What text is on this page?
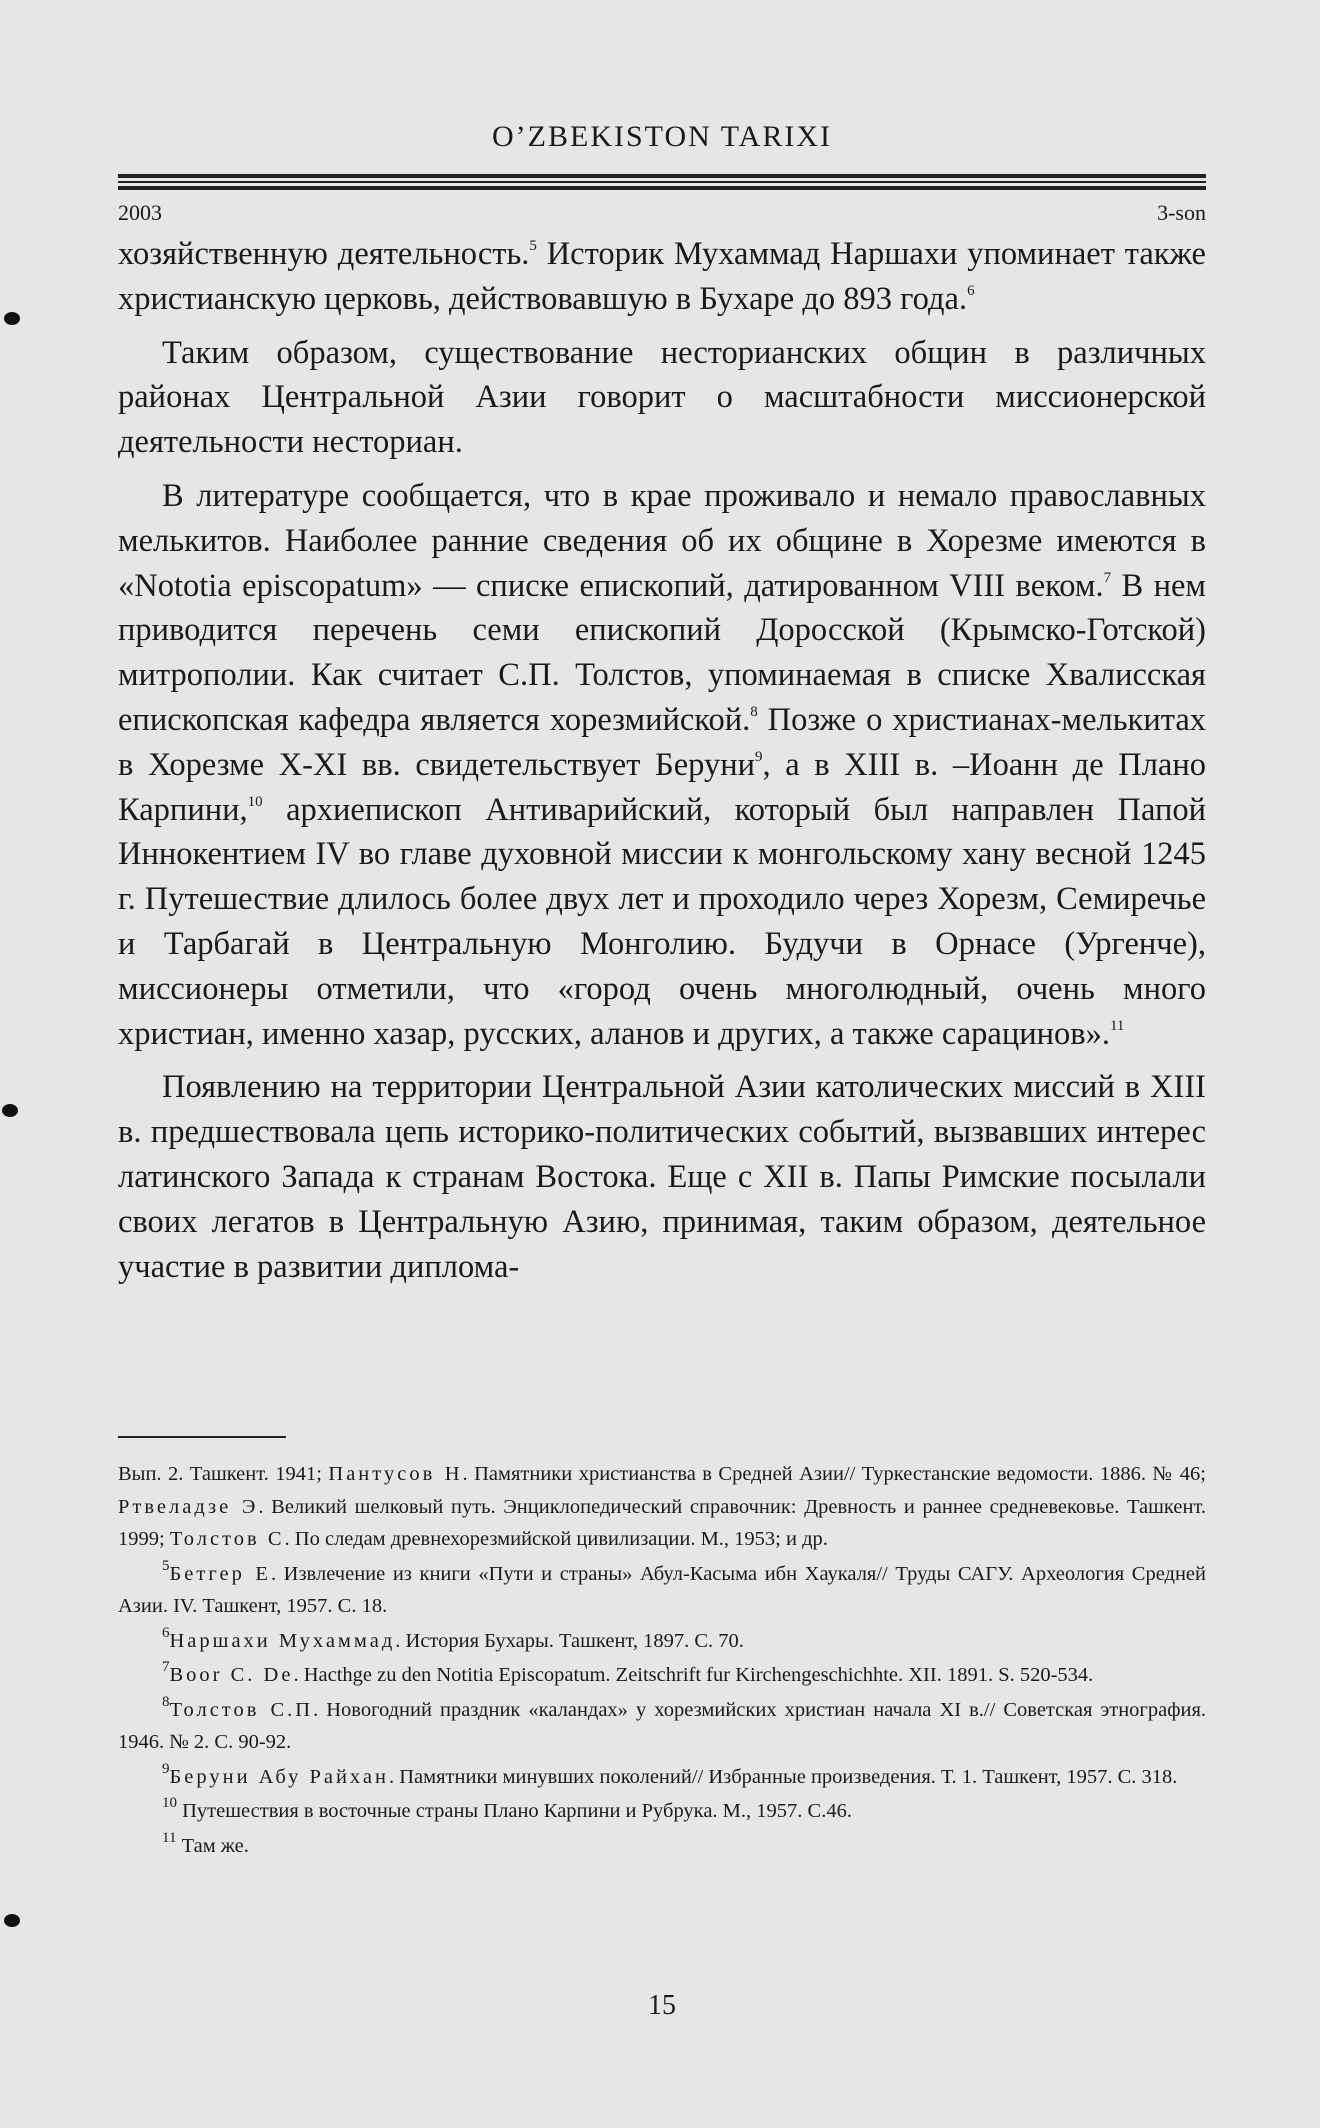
O’ZBEKISTON TARIXI
2003	3-son

хозяйственную деятельность.$^5$ Историк Мухаммад Наршахи упоминает также христианскую церковь, действовавшую в Бухаре до 893 года.$^6$

Таким образом, существование несторианских общин в различных районах Центральной Азии говорит о масштабности миссионерской деятельности несториан.

В литературе сообщается, что в крае проживало и немало православных мелькитов. Наиболее ранние сведения об их общине в Хорезме имеются в «Nototia episcopatum» — списке епископий, датированном VIII веком.$^7$ В нем приводится перечень семи епископий Доросской (Крымско-Готской) митрополии. Как считает С.П. Толстов, упоминаемая в списке Хвалисская епископская кафедра является хорезмийской.$^8$ Позже о христианах-мелькитах в Хорезме X-XI вв. свидетельствует Беруни$^9$, а в XIII в. –Иоанн де Плано Карпини,$^{10}$ архиепископ Антиварийский, который был направлен Папой Иннокентием IV во главе духовной миссии к монгольскому хану весной 1245 г. Путешествие длилось более двух лет и проходило через Хорезм, Семиречье и Тарбагай в Центральную Монголию. Будучи в Орнасе (Ургенче), миссионеры отметили, что «город очень многолюдный, очень много христиан, именно хазар, русских, аланов и других, а также сарацинов».$^{11}$

Появлению на территории Центральной Азии католических миссий в XIII в. предшествовала цепь историко-политических событий, вызвавших интерес латинского Запада к странам Востока. Еще с XII в. Папы Римские посылали своих легатов в Центральную Азию, принимая, таким образом, деятельное участие в развитии диплома-

Вып. 2. Ташкент. 1941; Пантусов Н. Памятники христианства в Средней Азии// Туркестанские ведомости. 1886. № 46; Ртвеладзе Э. Великий шелковый путь. Энциклопедический справочник: Древность и раннее средневековье. Ташкент. 1999; Толстов С. По следам древнехорезмийской цивилизации. М., 1953; и др.

$^5$Бетгер Е. Извлечение из книги «Пути и страны» Абул-Касыма ибн Хаукаля// Труды САГУ. Археология Средней Азии. IV. Ташкент, 1957. С. 18.

$^6$Наршахи Мухаммад. История Бухары. Ташкент, 1897. С. 70.

$^7$Boor C. De. Hacthge zu den Notitia Episcopatum. Zeitschrift fur Kirchengeschichhte. XII. 1891. S. 520-534.

$^8$Толстов С.П. Новогодний праздник «каландах» у хорезмийских христиан начала XI в.// Советская этнография. 1946. № 2. С. 90-92.

$^9$Беруни Абу Райхан. Памятники минувших поколений// Избранные произведения. Т. 1. Ташкент, 1957. С. 318.

$^{10}$ Путешествия в восточные страны Плано Карпини и Рубрука. М., 1957. С.46.

$^{11}$ Там же.

15
